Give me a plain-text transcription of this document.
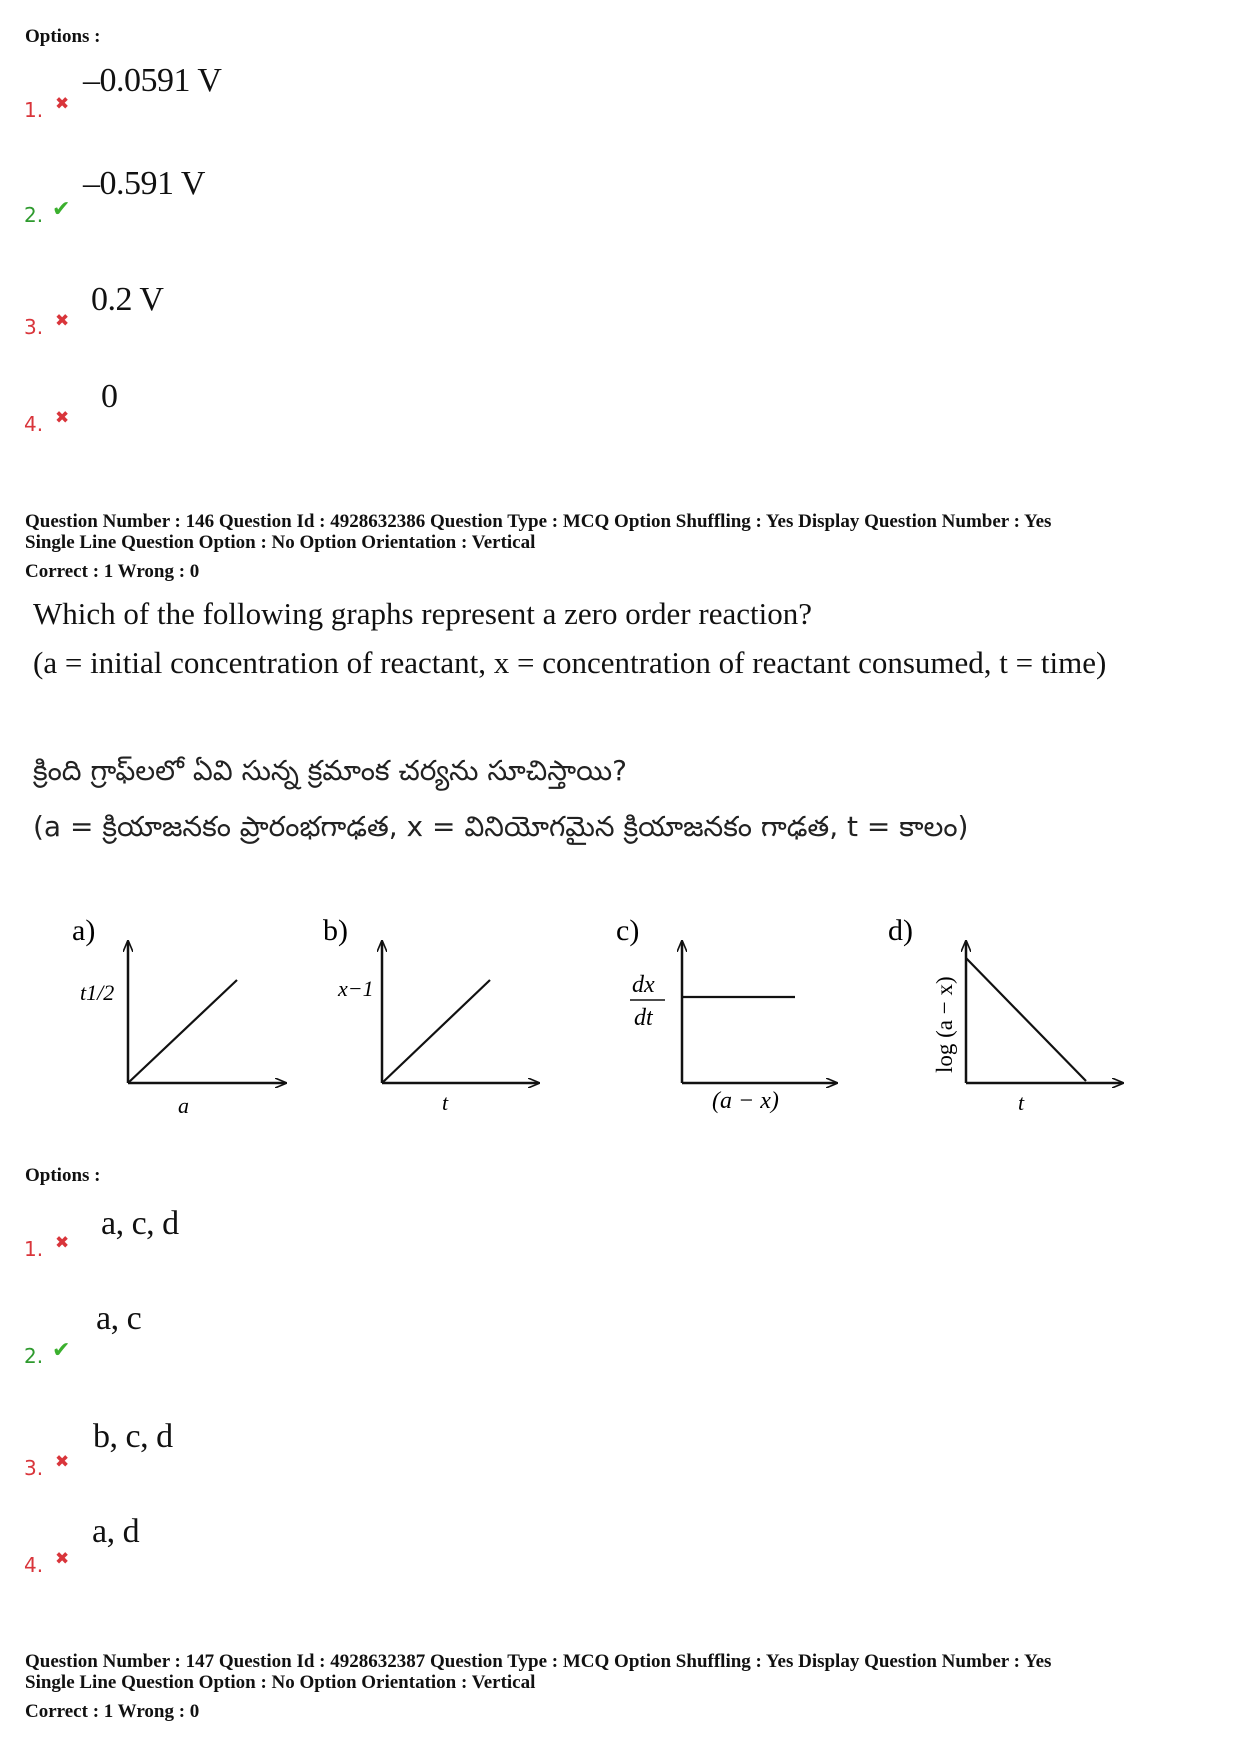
Options :
1. ✖
–0.0591 V
2. ✔
–0.591 V
3. ✖
0.2 V
4. ✖
0
Question Number : 146 Question Id : 4928632386 Question Type : MCQ Option Shuffling : Yes Display Question Number : Yes
Single Line Question Option : No Option Orientation : Vertical
Correct : 1 Wrong : 0
Which of the following graphs represent a zero order reaction?
(a = initial concentration of reactant, x = concentration of reactant consumed, t = time)
క్రింది గ్రాఫ్‌లలో ఏవి సున్న క్రమాంక చర్యను సూచిస్తాయి?
(a = క్రియాజనకం ప్రారంభగాఢత, x = వినియోగమైన క్రియాజనకం గాఢత, t = కాలం)
a)
t1/2
a
b)
x−1
t
c)
dx
dt
(a − x)
d)
log (a − x)
t
Options :
1. ✖
a, c, d
2. ✔
a, c
3. ✖
b, c, d
4. ✖
a, d
Question Number : 147 Question Id : 4928632387 Question Type : MCQ Option Shuffling : Yes Display Question Number : Yes
Single Line Question Option : No Option Orientation : Vertical
Correct : 1 Wrong : 0
